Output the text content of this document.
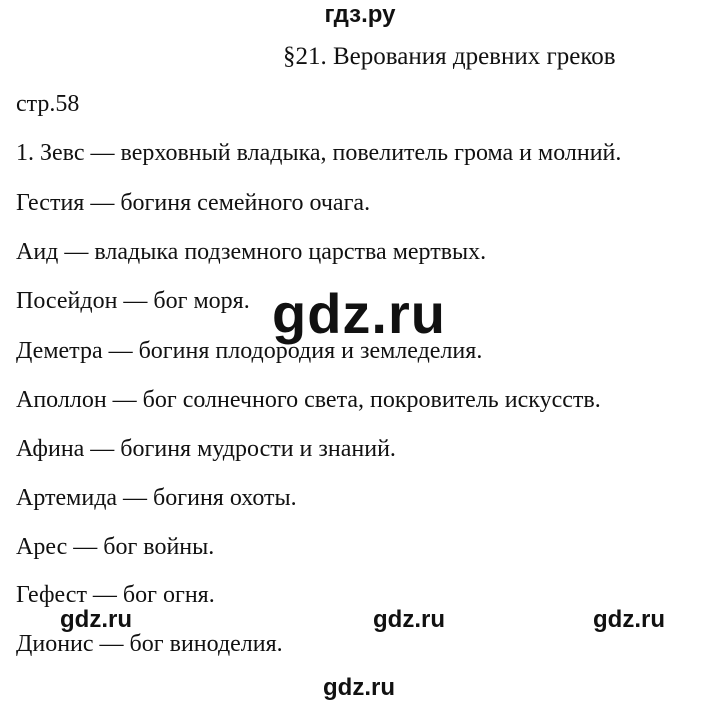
гдз.ру
§21. Верования древних греков
стр.58
1. Зевс — верховный владыка, повелитель грома и молний.
Гестия — богиня семейного очага.
Аид — владыка подземного царства мертвых.
Посейдон — бог моря.
Деметра — богиня плодородия и земледелия.
Аполлон — бог солнечного света, покровитель искусств.
Афина — богиня мудрости и знаний.
Артемида — богиня охоты.
Арес — бог войны.
Гефест — бог огня.
Дионис — бог виноделия.
gdz.ru
gdz.ru	gdz.ru	gdz.ru
gdz.ru
